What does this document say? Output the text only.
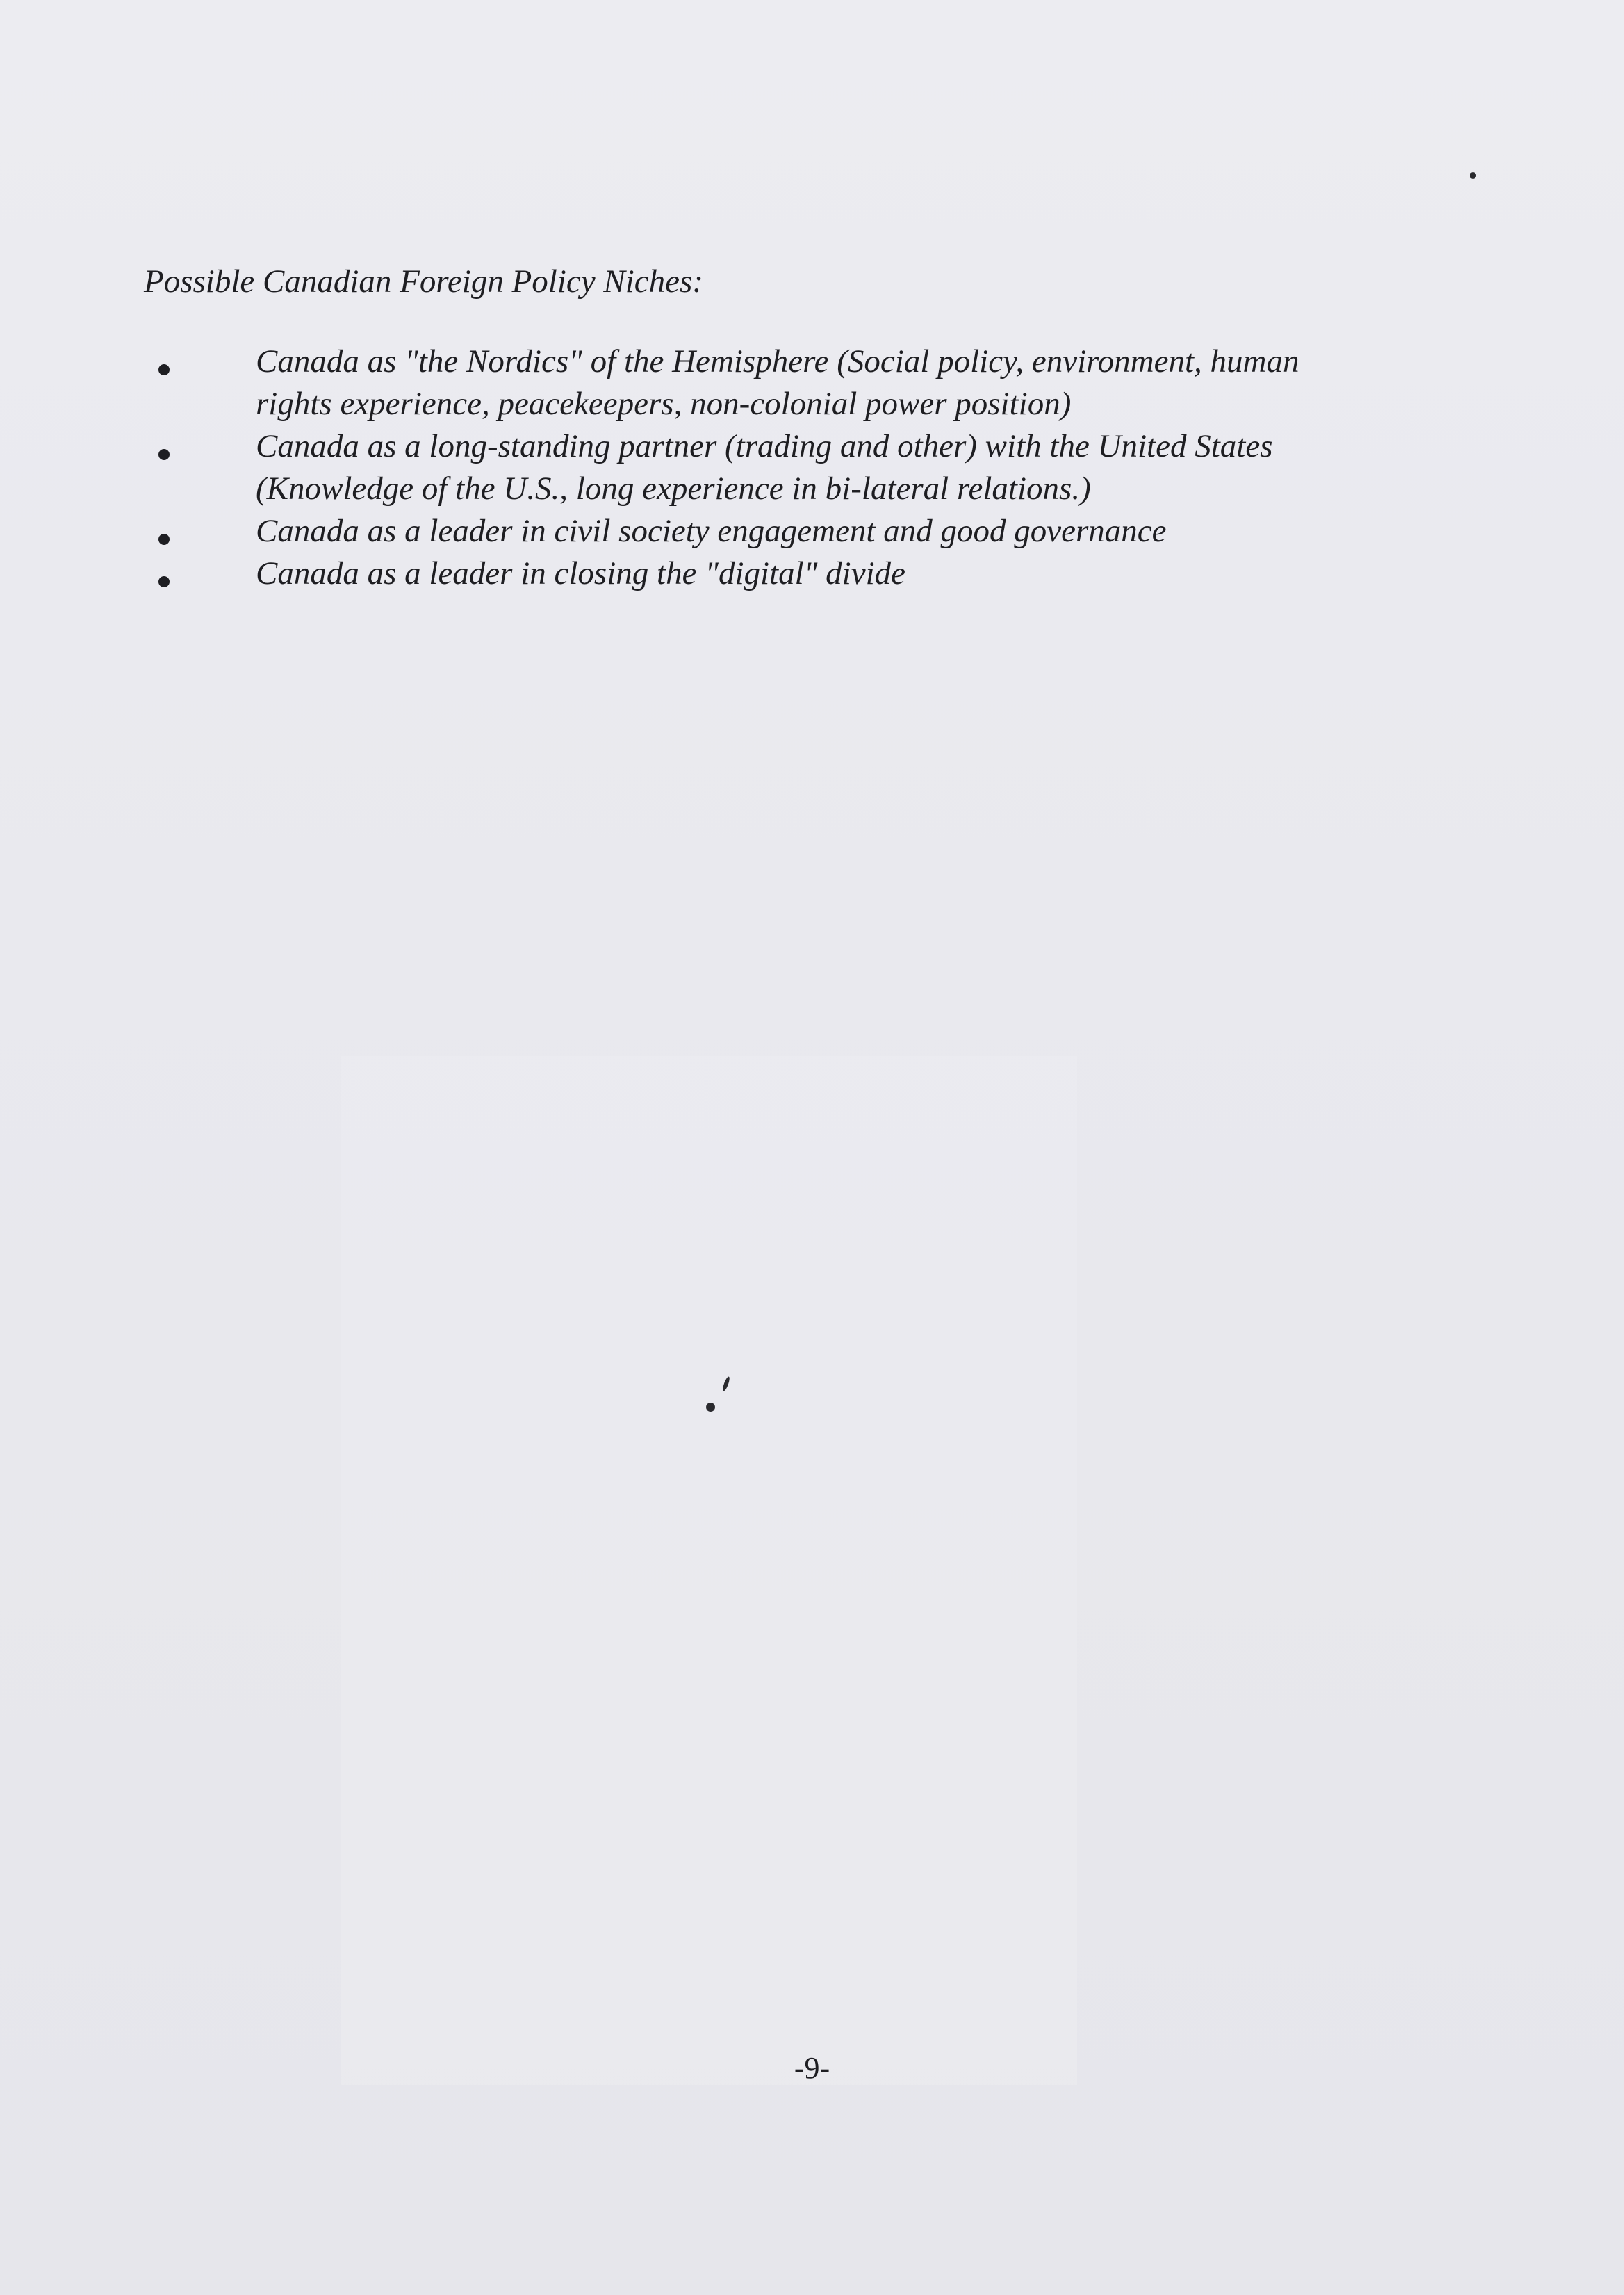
Possible Canadian Foreign Policy Niches:
Canada as "the Nordics" of the Hemisphere (Social policy, environment, human
rights experience, peacekeepers, non-colonial power position)
Canada as a long-standing partner (trading and other) with the United States
(Knowledge of the U.S., long experience in bi-lateral relations.)
Canada as a leader in civil society engagement and good governance
Canada as a leader in closing the "digital" divide

-9-
